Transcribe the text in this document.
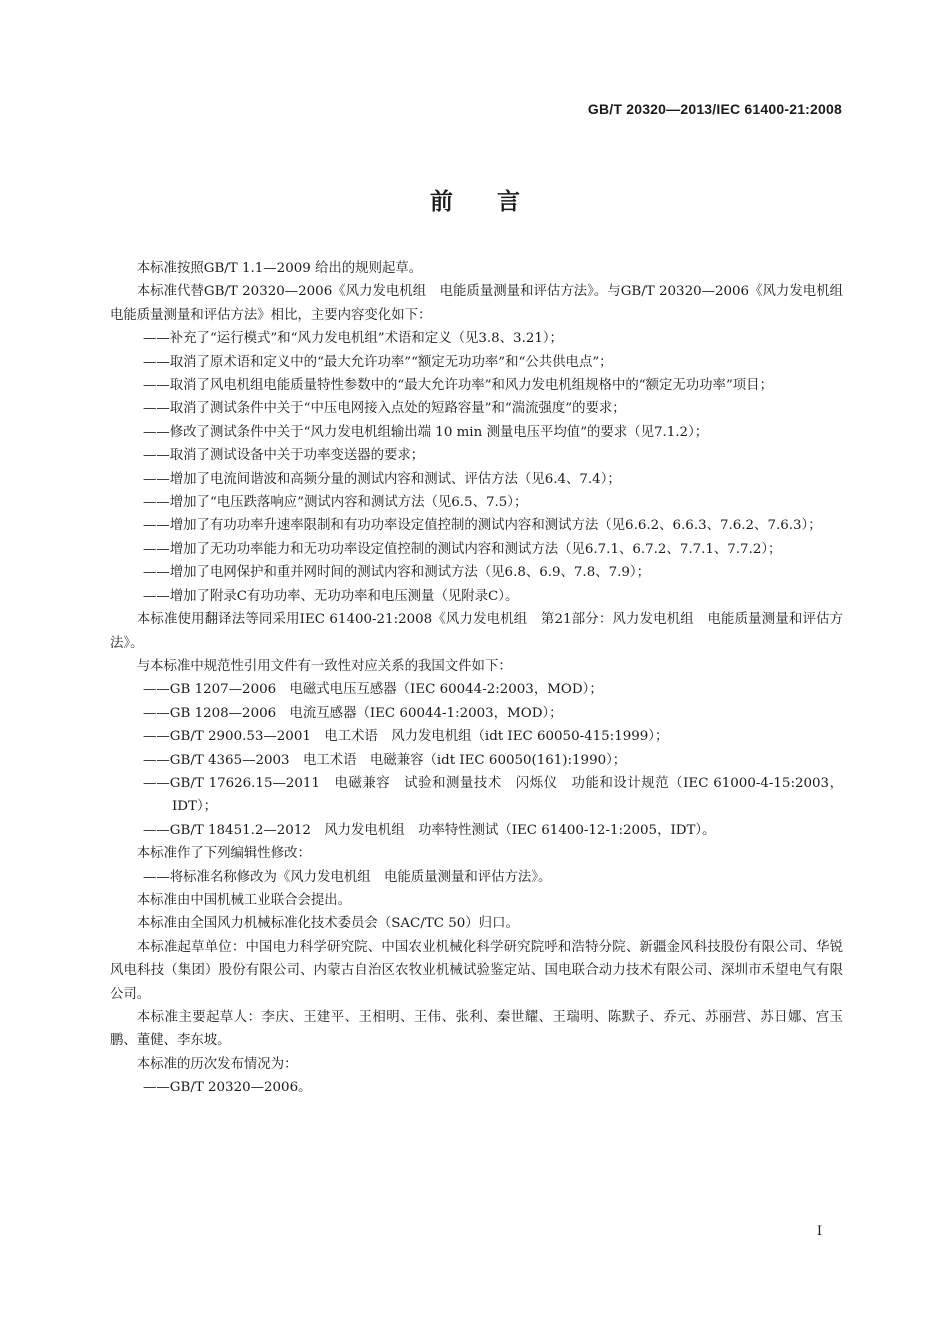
GB/T 20320—2013/IEC 61400-21:2008
前言
本标准按照GB/T 1.1—2009 给出的规则起草。
本标准代替GB/T 20320—2006《风力发电机组　电能质量测量和评估方法》。与GB/T 20320—2006《风力发电机组　电能质量测量和评估方法》相比，主要内容变化如下：
——补充了“运行模式”和“风力发电机组”术语和定义（见3.8、3.21）；
——取消了原术语和定义中的“最大允许功率”“额定无功功率”和“公共供电点”；
——取消了风电机组电能质量特性参数中的“最大允许功率”和风力发电机组规格中的“额定无功功率”项目；
——取消了测试条件中关于“中压电网接入点处的短路容量”和“湍流强度”的要求；
——修改了测试条件中关于“风力发电机组输出端 10 min 测量电压平均值”的要求（见7.1.2）；
——取消了测试设备中关于功率变送器的要求；
——增加了电流间谐波和高频分量的测试内容和测试、评估方法（见6.4、7.4）；
——增加了“电压跌落响应”测试内容和测试方法（见6.5、7.5）；
——增加了有功功率升速率限制和有功功率设定值控制的测试内容和测试方法（见6.6.2、6.6.3、7.6.2、7.6.3）；
——增加了无功功率能力和无功功率设定值控制的测试内容和测试方法（见6.7.1、6.7.2、7.7.1、7.7.2）；
——增加了电网保护和重并网时间的测试内容和测试方法（见6.8、6.9、7.8、7.9）；
——增加了附录C有功功率、无功功率和电压测量（见附录C）。
本标准使用翻译法等同采用IEC 61400-21:2008《风力发电机组　第21部分：风力发电机组　电能质量测量和评估方法》。
与本标准中规范性引用文件有一致性对应关系的我国文件如下：
——GB 1207—2006　电磁式电压互感器（IEC 60044-2:2003，MOD）；
——GB 1208—2006　电流互感器（IEC 60044-1:2003，MOD）；
——GB/T 2900.53—2001　电工术语　风力发电机组（idt IEC 60050-415:1999）；
——GB/T 4365—2003　电工术语　电磁兼容（idt IEC 60050(161):1990）；
——GB/T 17626.15—2011　电磁兼容　试验和测量技术　闪烁仪　功能和设计规范（IEC 61000-4-15:2003，IDT）；
——GB/T 18451.2—2012　风力发电机组　功率特性测试（IEC 61400-12-1:2005，IDT）。
本标准作了下列编辑性修改：
——将标准名称修改为《风力发电机组　电能质量测量和评估方法》。
本标准由中国机械工业联合会提出。
本标准由全国风力机械标准化技术委员会（SAC/TC 50）归口。
本标准起草单位：中国电力科学研究院、中国农业机械化科学研究院呼和浩特分院、新疆金风科技股份有限公司、华锐风电科技（集团）股份有限公司、内蒙古自治区农牧业机械试验鉴定站、国电联合动力技术有限公司、深圳市禾望电气有限公司。
本标准主要起草人：李庆、王建平、王相明、王伟、张利、秦世耀、王瑞明、陈默子、乔元、苏丽营、苏日娜、宫玉鹏、董健、李东坡。
本标准的历次发布情况为：
——GB/T 20320—2006。
I
